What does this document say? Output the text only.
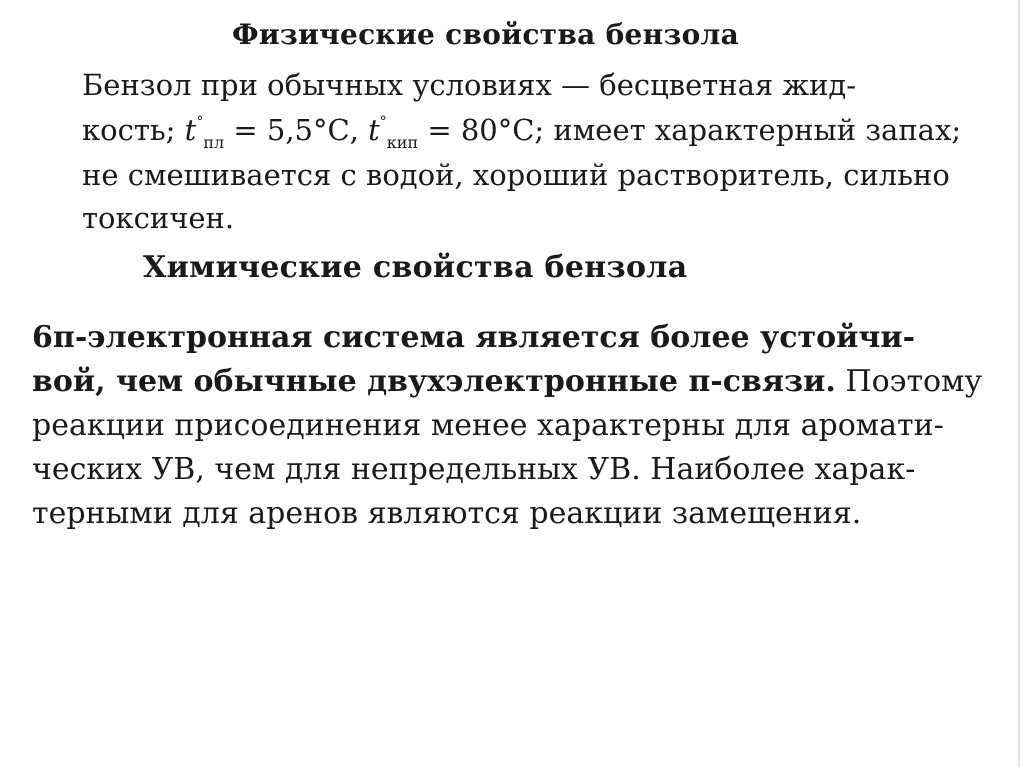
Физические свойства бензола
Бензол при обычных условиях — бесцветная жид-
кость; $t^\circ_{пл} = 5,5^\circ С$, $t^\circ_{кип} = 80^\circ С$; имеет характерный запах;
не смешивается с водой, хороший растворитель, сильно
токсичен.
Химические свойства бензола
6π-электронная система является более устойчи-
вой, чем обычные двухэлектронные π-связи. Поэтому
реакции присоединения менее характерны для аромати-
ческих УВ, чем для непредельных УВ. Наиболее харак-
терными для аренов являются реакции замещения.
